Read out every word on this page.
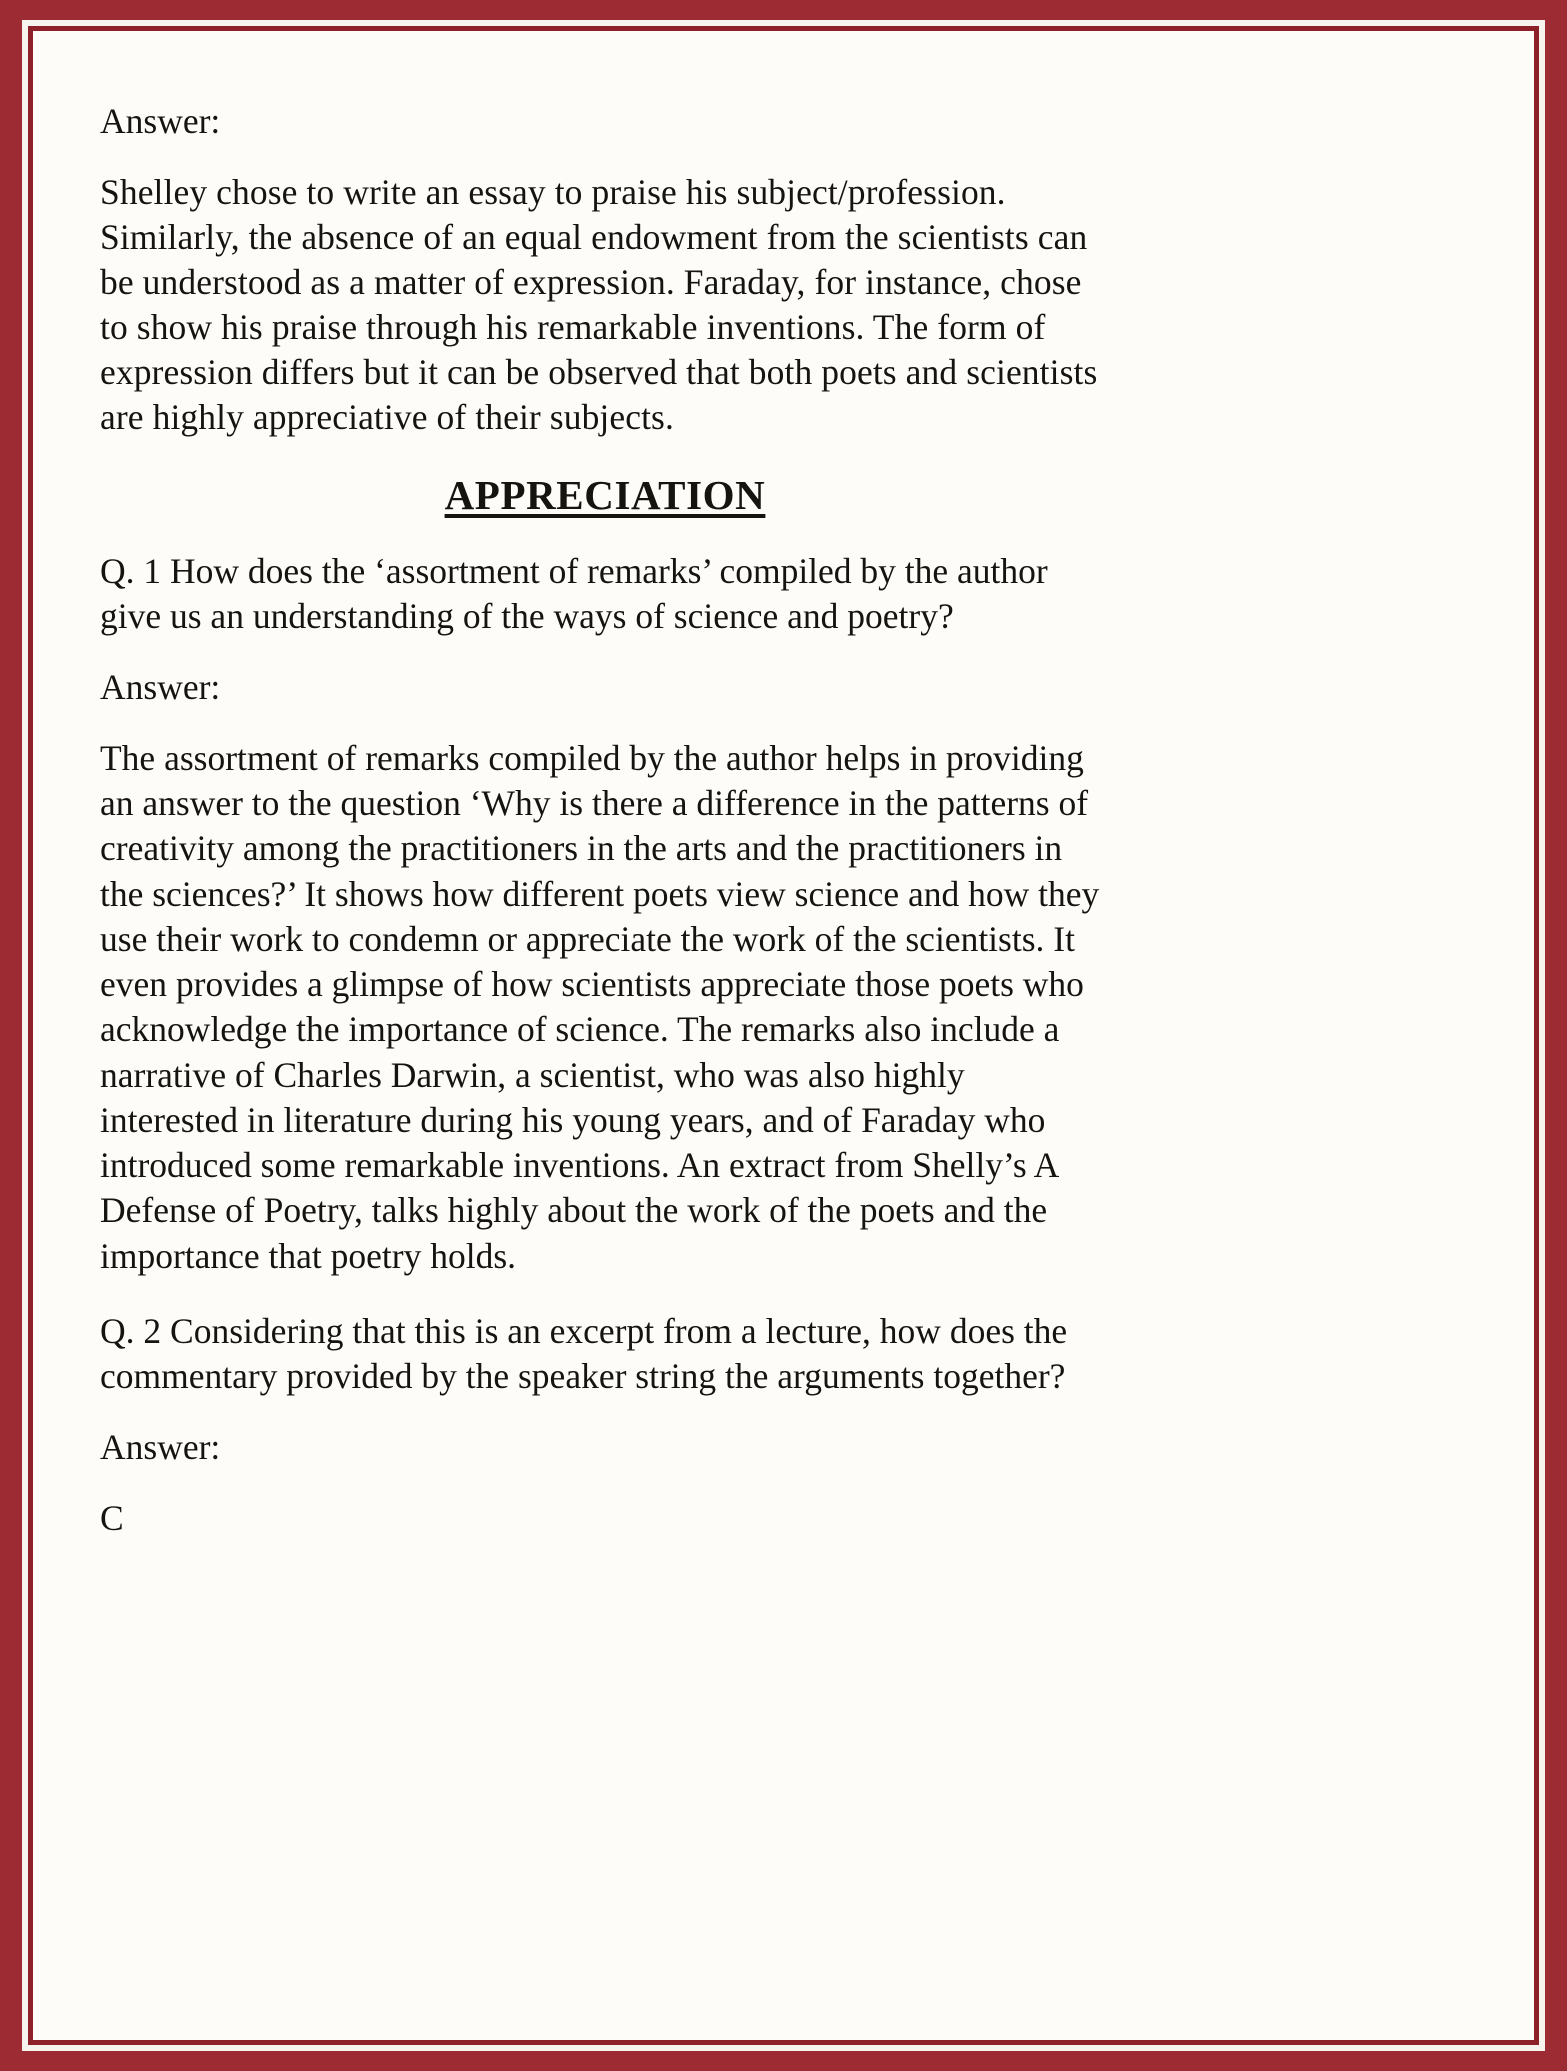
Answer:

Shelley chose to write an essay to praise his subject/profession. Similarly, the absence of an equal endowment from the scientists can be understood as a matter of expression. Faraday, for instance, chose to show his praise through his remarkable inventions. The form of expression differs but it can be observed that both poets and scientists are highly appreciative of their subjects.

APPRECIATION

Q. 1 How does the ‘assortment of remarks’ compiled by the author give us an understanding of the ways of science and poetry?

Answer:

The assortment of remarks compiled by the author helps in providing an answer to the question ‘Why is there a difference in the patterns of creativity among the practitioners in the arts and the practitioners in the sciences?’ It shows how different poets view science and how they use their work to condemn or appreciate the work of the scientists. It even provides a glimpse of how scientists appreciate those poets who acknowledge the importance of science. The remarks also include a narrative of Charles Darwin, a scientist, who was also highly interested in literature during his young years, and of Faraday who introduced some remarkable inventions. An extract from Shelly’s A Defense of Poetry, talks highly about the work of the poets and the importance that poetry holds.

Q. 2 Considering that this is an excerpt from a lecture, how does the commentary provided by the speaker string the arguments together?

Answer:

C
